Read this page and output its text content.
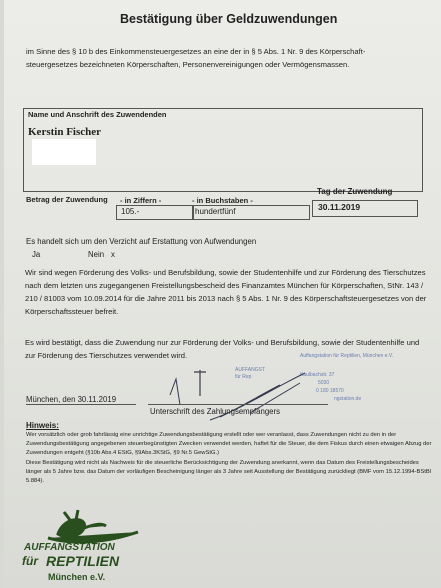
Bestätigung über Geldzuwendungen
im Sinne des § 10 b des Einkommensteuergesetzes an eine der in § 5 Abs. 1 Nr. 9 des Körperschaft-steuergesetzes bezeichneten Körperschaften, Personenvereinigungen oder Vermögensmassen.
Name und Anschrift des Zuwendenden
Kerstin Fischer
Betrag der Zuwendung - in Ziffern -	- in Buchstaben -
Tag der Zuwendung
105.-	hundertfünf	30.11.2019
Es handelt sich um den Verzicht auf Erstattung von Aufwendungen
Ja	Nein x
Wir sind wegen Förderung des Volks- und Berufsbildung, sowie der Studentenhilfe und zur Förderung des Tierschutzes nach dem letzten uns zugegangenen Freistellungsbescheid des Finanzamtes München für Körperschaften, StNr. 143 / 210 / 81003 vom 10.09.2014 für die Jahre 2011 bis 2013 nach § 5 Abs. 1 Nr. 9 des Körperschaftsteuergesetzes von der Körperschaftssteuer befreit.
Es wird bestätigt, dass die Zuwendung nur zur Förderung der Volks- und Berufsbildung, sowie der Studentenhilfe und zur Förderung des Tierschutzes verwendet wird.	Auffangstation für Reptilien, München e.V.
AUFFANGST
für Rep	Kaulbachstr. 37
5030
0 180 18570
ngstation.de
München, den 30.11.2019
Unterschrift des Zahlungsempfängers
Hinweis:
Wer vorsätzlich oder grob fahrlässig eine unrichtige Zuwendungsbestätigung erstellt oder wer veranlasst, dass Zuwendungen nicht zu den in der Zuwendungsbestätigung angegebenen steuerbegünstigten Zwecken verwendet werden, haftet für die Steuer, die dem Fiskus durch einen etwaigen Abzug der Zuwendungen entgeht (§10b Abs.4 EStG, §9Abs.3KStG, §9 Nr.5 GewStG.)
Diese Bestätigung wird nicht als Nachweis für die steuerliche Berücksichtigung der Zuwendung anerkannt, wenn das Datum des Freistellungsbescheides länger als 5 Jahre bzw. das Datum der vorläufigen Bescheinigung länger als 3 Jahre seit Ausstellung der Bestätigung zurückliegt (BMF vom 15.12.1994-BStBl 5.884).
AUFFANGSTATION
für REPTILIEN
München e.V.
